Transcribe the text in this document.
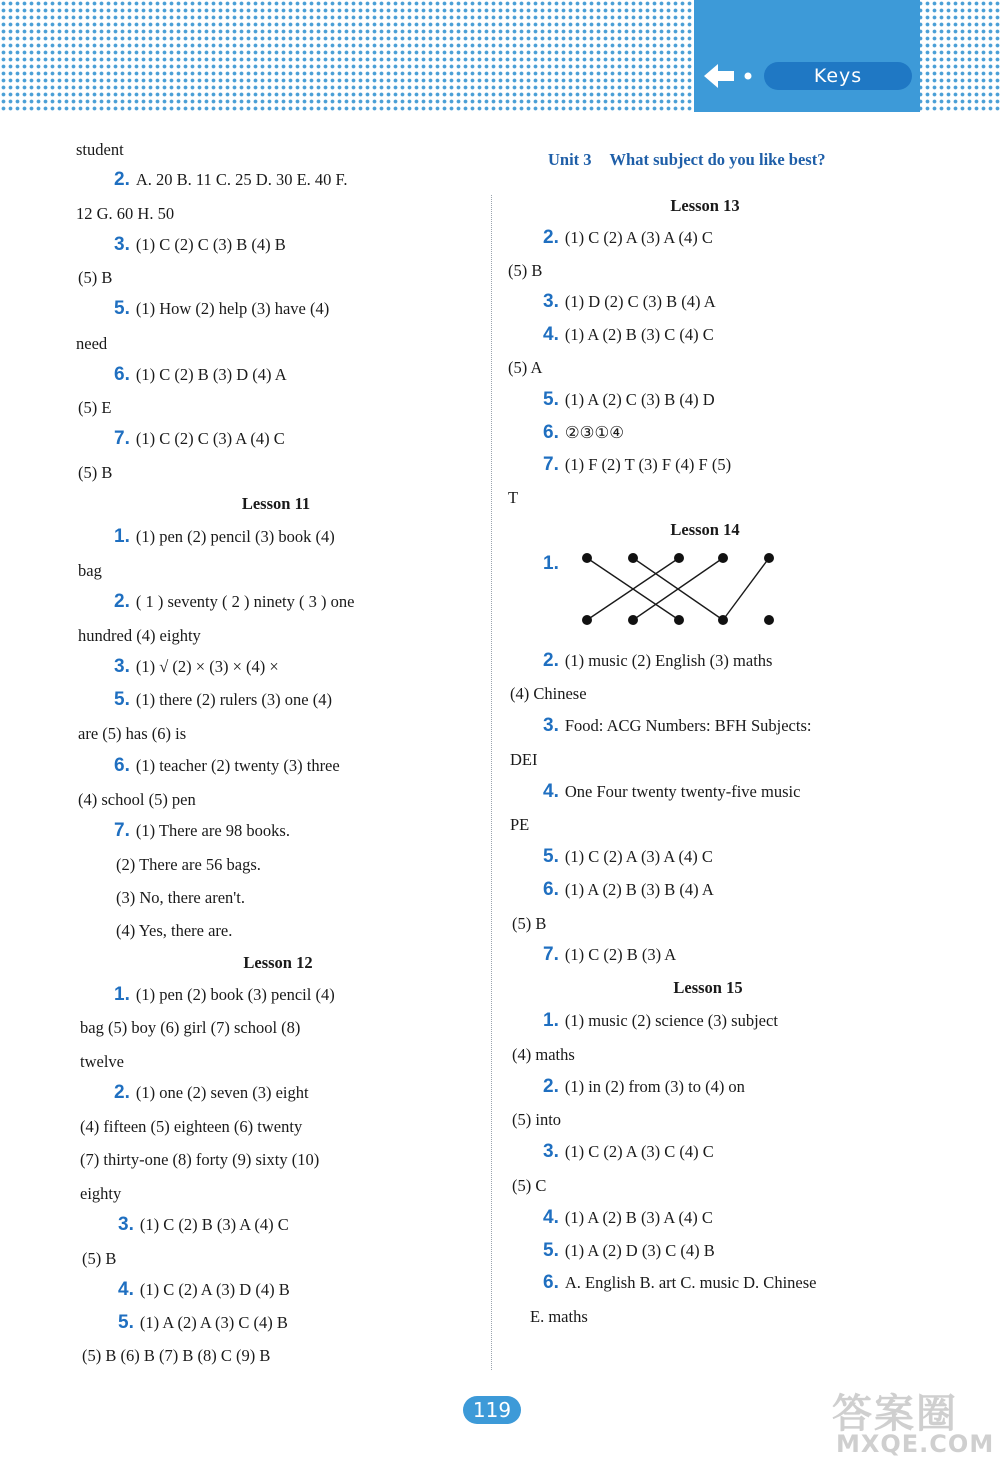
Keys
student
2. A. 20 B. 11 C. 25 D. 30 E. 40 F.
12 G. 60 H. 50
3. (1) C (2) C (3) B (4) B
(5) B
5. (1) How (2) help (3) have (4)
need
6. (1) C (2) B (3) D (4) A
(5) E
7. (1) C (2) C (3) A (4) C
(5) B
Lesson 11
1. (1) pen (2) pencil (3) book (4)
bag
2. ( 1 ) seventy ( 2 ) ninety ( 3 ) one
hundred (4) eighty
3. (1) √ (2) × (3) × (4) ×
5. (1) there (2) rulers (3) one (4)
are (5) has (6) is
6. (1) teacher (2) twenty (3) three
(4) school (5) pen
7. (1) There are 98 books.
(2) There are 56 bags.
(3) No, there aren't.
(4) Yes, there are.
Lesson 12
1. (1) pen (2) book (3) pencil (4)
bag (5) boy (6) girl (7) school (8)
twelve
2. (1) one (2) seven (3) eight
(4) fifteen (5) eighteen (6) twenty
(7) thirty-one (8) forty (9) sixty (10)
eighty
3. (1) C (2) B (3) A (4) C
(5) B
4. (1) C (2) A (3) D (4) B
5. (1) A (2) A (3) C (4) B
(5) B (6) B (7) B (8) C (9) B
Unit 3 What subject do you like best?
Lesson 13
2. (1) C (2) A (3) A (4) C
(5) B
3. (1) D (2) C (3) B (4) A
4. (1) A (2) B (3) C (4) C
(5) A
5. (1) A (2) C (3) B (4) D
6. ②③①④
7. (1) F (2) T (3) F (4) F (5)
T
Lesson 14
1.
2. (1) music (2) English (3) maths
(4) Chinese
3. Food: ACG Numbers: BFH Subjects:
DEI
4. One Four twenty twenty-five music
PE
5. (1) C (2) A (3) A (4) C
6. (1) A (2) B (3) B (4) A
(5) B
7. (1) C (2) B (3) A
Lesson 15
1. (1) music (2) science (3) subject
(4) maths
2. (1) in (2) from (3) to (4) on
(5) into
3. (1) C (2) A (3) C (4) C
(5) C
4. (1) A (2) B (3) A (4) C
5. (1) A (2) D (3) C (4) B
6. A. English B. art C. music D. Chinese
E. maths
119	答案圈
MXQE.COM
